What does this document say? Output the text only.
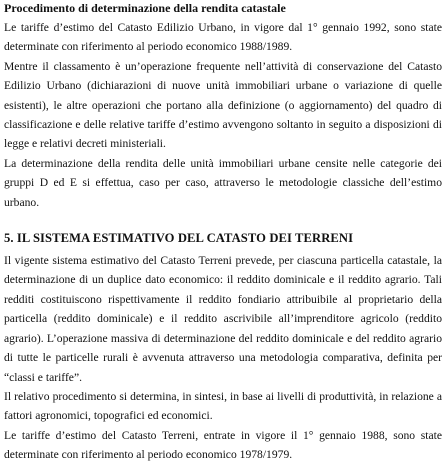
Procedimento di determinazione della rendita catastale

Le tariffe d’estimo del Catasto Edilizio Urbano, in vigore dal 1° gennaio 1992, sono state determinate con riferimento al periodo economico 1988/1989.

Mentre il classamento è un’operazione frequente nell’attività di conservazione del Catasto Edilizio Urbano (dichiarazioni di nuove unità immobiliari urbane o variazione di quelle esistenti), le altre operazioni che portano alla definizione (o aggiornamento) del quadro di classificazione e delle relative tariffe d’estimo avvengono soltanto in seguito a disposizioni di legge e relativi decreti ministeriali.

La determinazione della rendita delle unità immobiliari urbane censite nelle categorie dei gruppi D ed E si effettua, caso per caso, attraverso le metodologie classiche dell’estimo urbano.

5. IL SISTEMA ESTIMATIVO DEL CATASTO DEI TERRENI

Il vigente sistema estimativo del Catasto Terreni prevede, per ciascuna particella catastale, la determinazione di un duplice dato economico: il reddito dominicale e il reddito agrario. Tali redditi costituiscono rispettivamente il reddito fondiario attribuibile al proprietario della particella (reddito dominicale) e il reddito ascrivibile all’imprenditore agricolo (reddito agrario). L’operazione massiva di determinazione del reddito dominicale e del reddito agrario di tutte le particelle rurali è avvenuta attraverso una metodologia comparativa, definita per “classi e tariffe”.

Il relativo procedimento si determina, in sintesi, in base ai livelli di produttività, in relazione a fattori agronomici, topografici ed economici.

Le tariffe d’estimo del Catasto Terreni, entrate in vigore il 1° gennaio 1988, sono state determinate con riferimento al periodo economico 1978/1979.
